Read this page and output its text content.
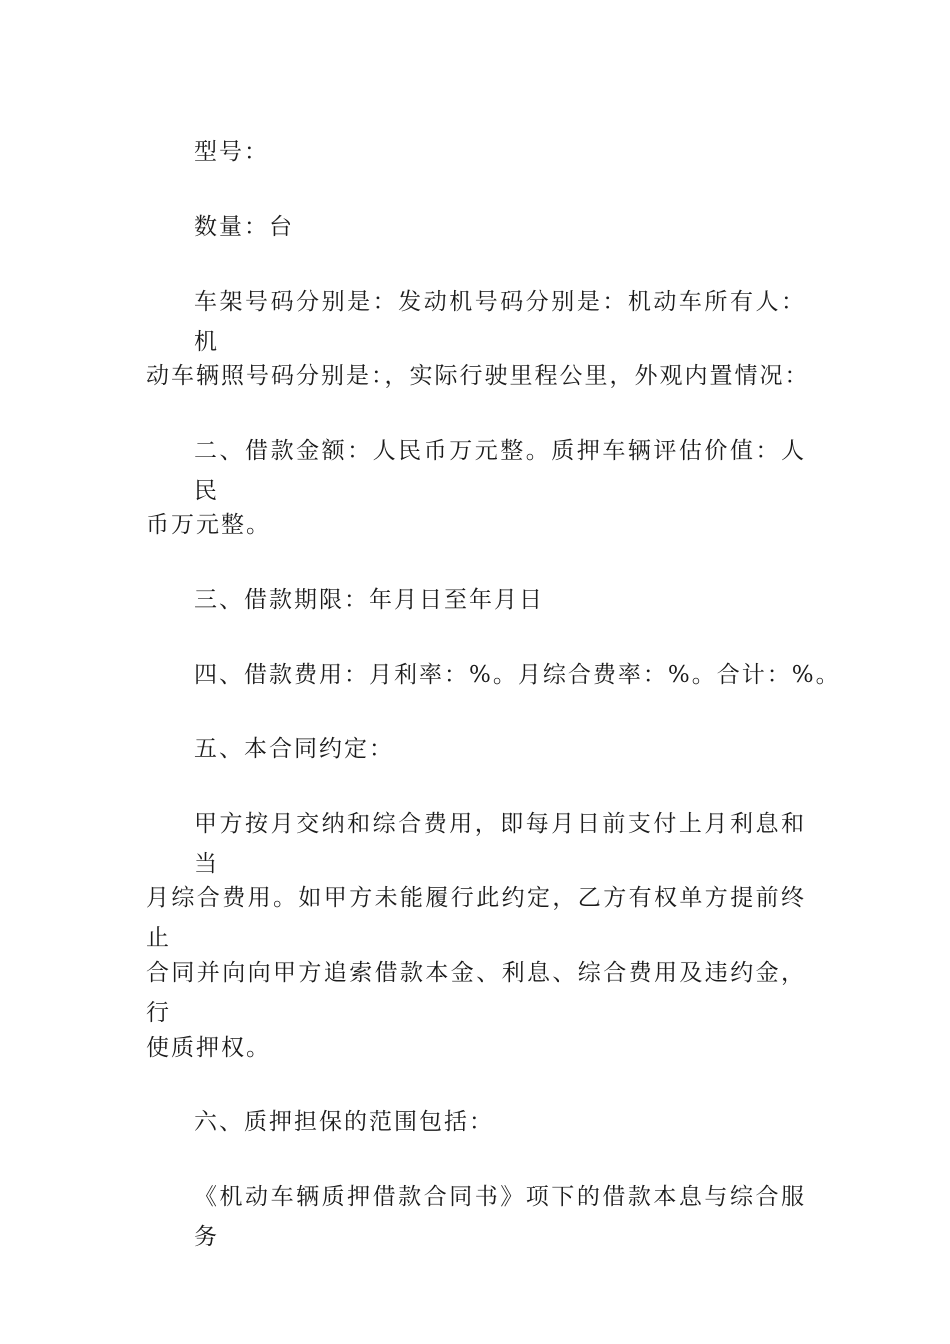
型号：
数量：台
车架号码分别是：发动机号码分别是：机动车所有人：机
动车辆照号码分别是：，实际行驶里程公里，外观内置情况：
二、借款金额：人民币万元整。质押车辆评估价值：人民
币万元整。
三、借款期限：年月日至年月日
四、借款费用：月利率：%。月综合费率：%。合计：%。
五、本合同约定：
甲方按月交纳和综合费用，即每月日前支付上月利息和当
月综合费用。如甲方未能履行此约定，乙方有权单方提前终止
合同并向向甲方追索借款本金、利息、综合费用及违约金，行
使质押权。
六、质押担保的范围包括：
《机动车辆质押借款合同书》项下的借款本息与综合服务
